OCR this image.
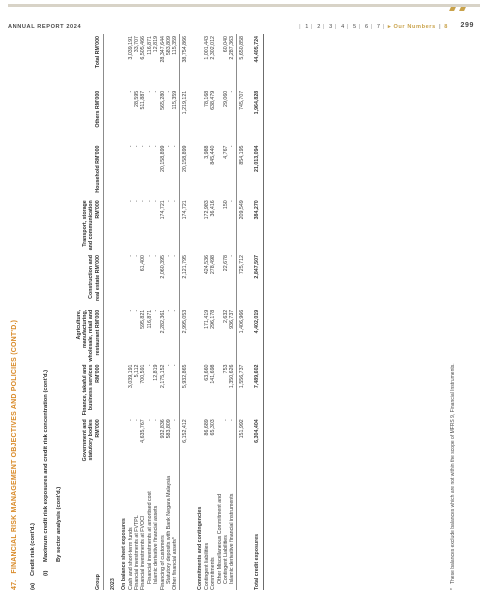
ANNUAL REPORT 2024	| 1 | 2 | 3 | 4 | 5 | 6 | 7 | ▸ Our Numbers | 8 299
47.FINANCIAL RISK MANAGEMENT OBJECTIVES AND POLICIES (CONT'D.)
(a)Credit risk (cont'd.) (i)Maximum credit risk exposures and credit risk concentration (cont'd.) By sector analysis (cont'd.)
Group	Government and statutory bodies RM'000	Finance, takaful and business services RM'000	Agriculture, manufacturing, wholesale, retail and restaurant RM'000	Construction and real estate RM'000	Transport, storage and communication RM'000	Household RM'000	Others RM'000	Total RM'000
2023								
On balance sheet exposures								
Cash and short-term funds	-	3,039,191	-	-	-	-	-	3,039,191
Financial investments at FVTPL	-	5,112	-	-	-	-	28,595	33,707
Financial investments at FVOCI	4,635,767	700,591	595,821	61,400	-	-	511,887	6,505,466
Financial investments at amortised cost	-	-	116,871	-	-	-	-	116,871
Islamic derivative financial assets	-	12,819	-	-	-	-	-	12,819
Financing of customers	932,836	2,175,152	2,282,361	2,060,395	174,721	20,158,899	565,280	28,347,644
Statutory deposits with Bank Negara Malaysia	583,809	-	-	-	-	-	-	583,809
Other financial assets*	-	-	-	-	-	-	115,359	115,359
	6,152,412	5,932,865	2,995,053	2,121,795	174,721	20,158,899	1,219,121	38,754,866
Commitments and contingencies								
Contingent liabilities	86,689	63,660	171,419	424,536	172,983	3,988	78,168	1,001,443
Commitments	65,303	141,698	296,178	278,498	36,416	845,440	638,479	2,302,012
Other Miscellaneous Commitment and Contingent Liabilities	-	753	2,632	22,678	150	4,767	29,060	60,040
Islamic derivative financial instruments	-	1,350,626	936,737	-	-	-	-	2,287,363
	151,992	1,556,737	1,406,966	725,712	209,549	854,195	745,707	5,650,858
Total credit exposures	6,304,404	7,489,602	4,402,019	2,847,507	384,270	21,013,094	1,964,828	44,405,724
*These balances exclude balances which are not within the scope of MFRS 9, Financial Instruments.
